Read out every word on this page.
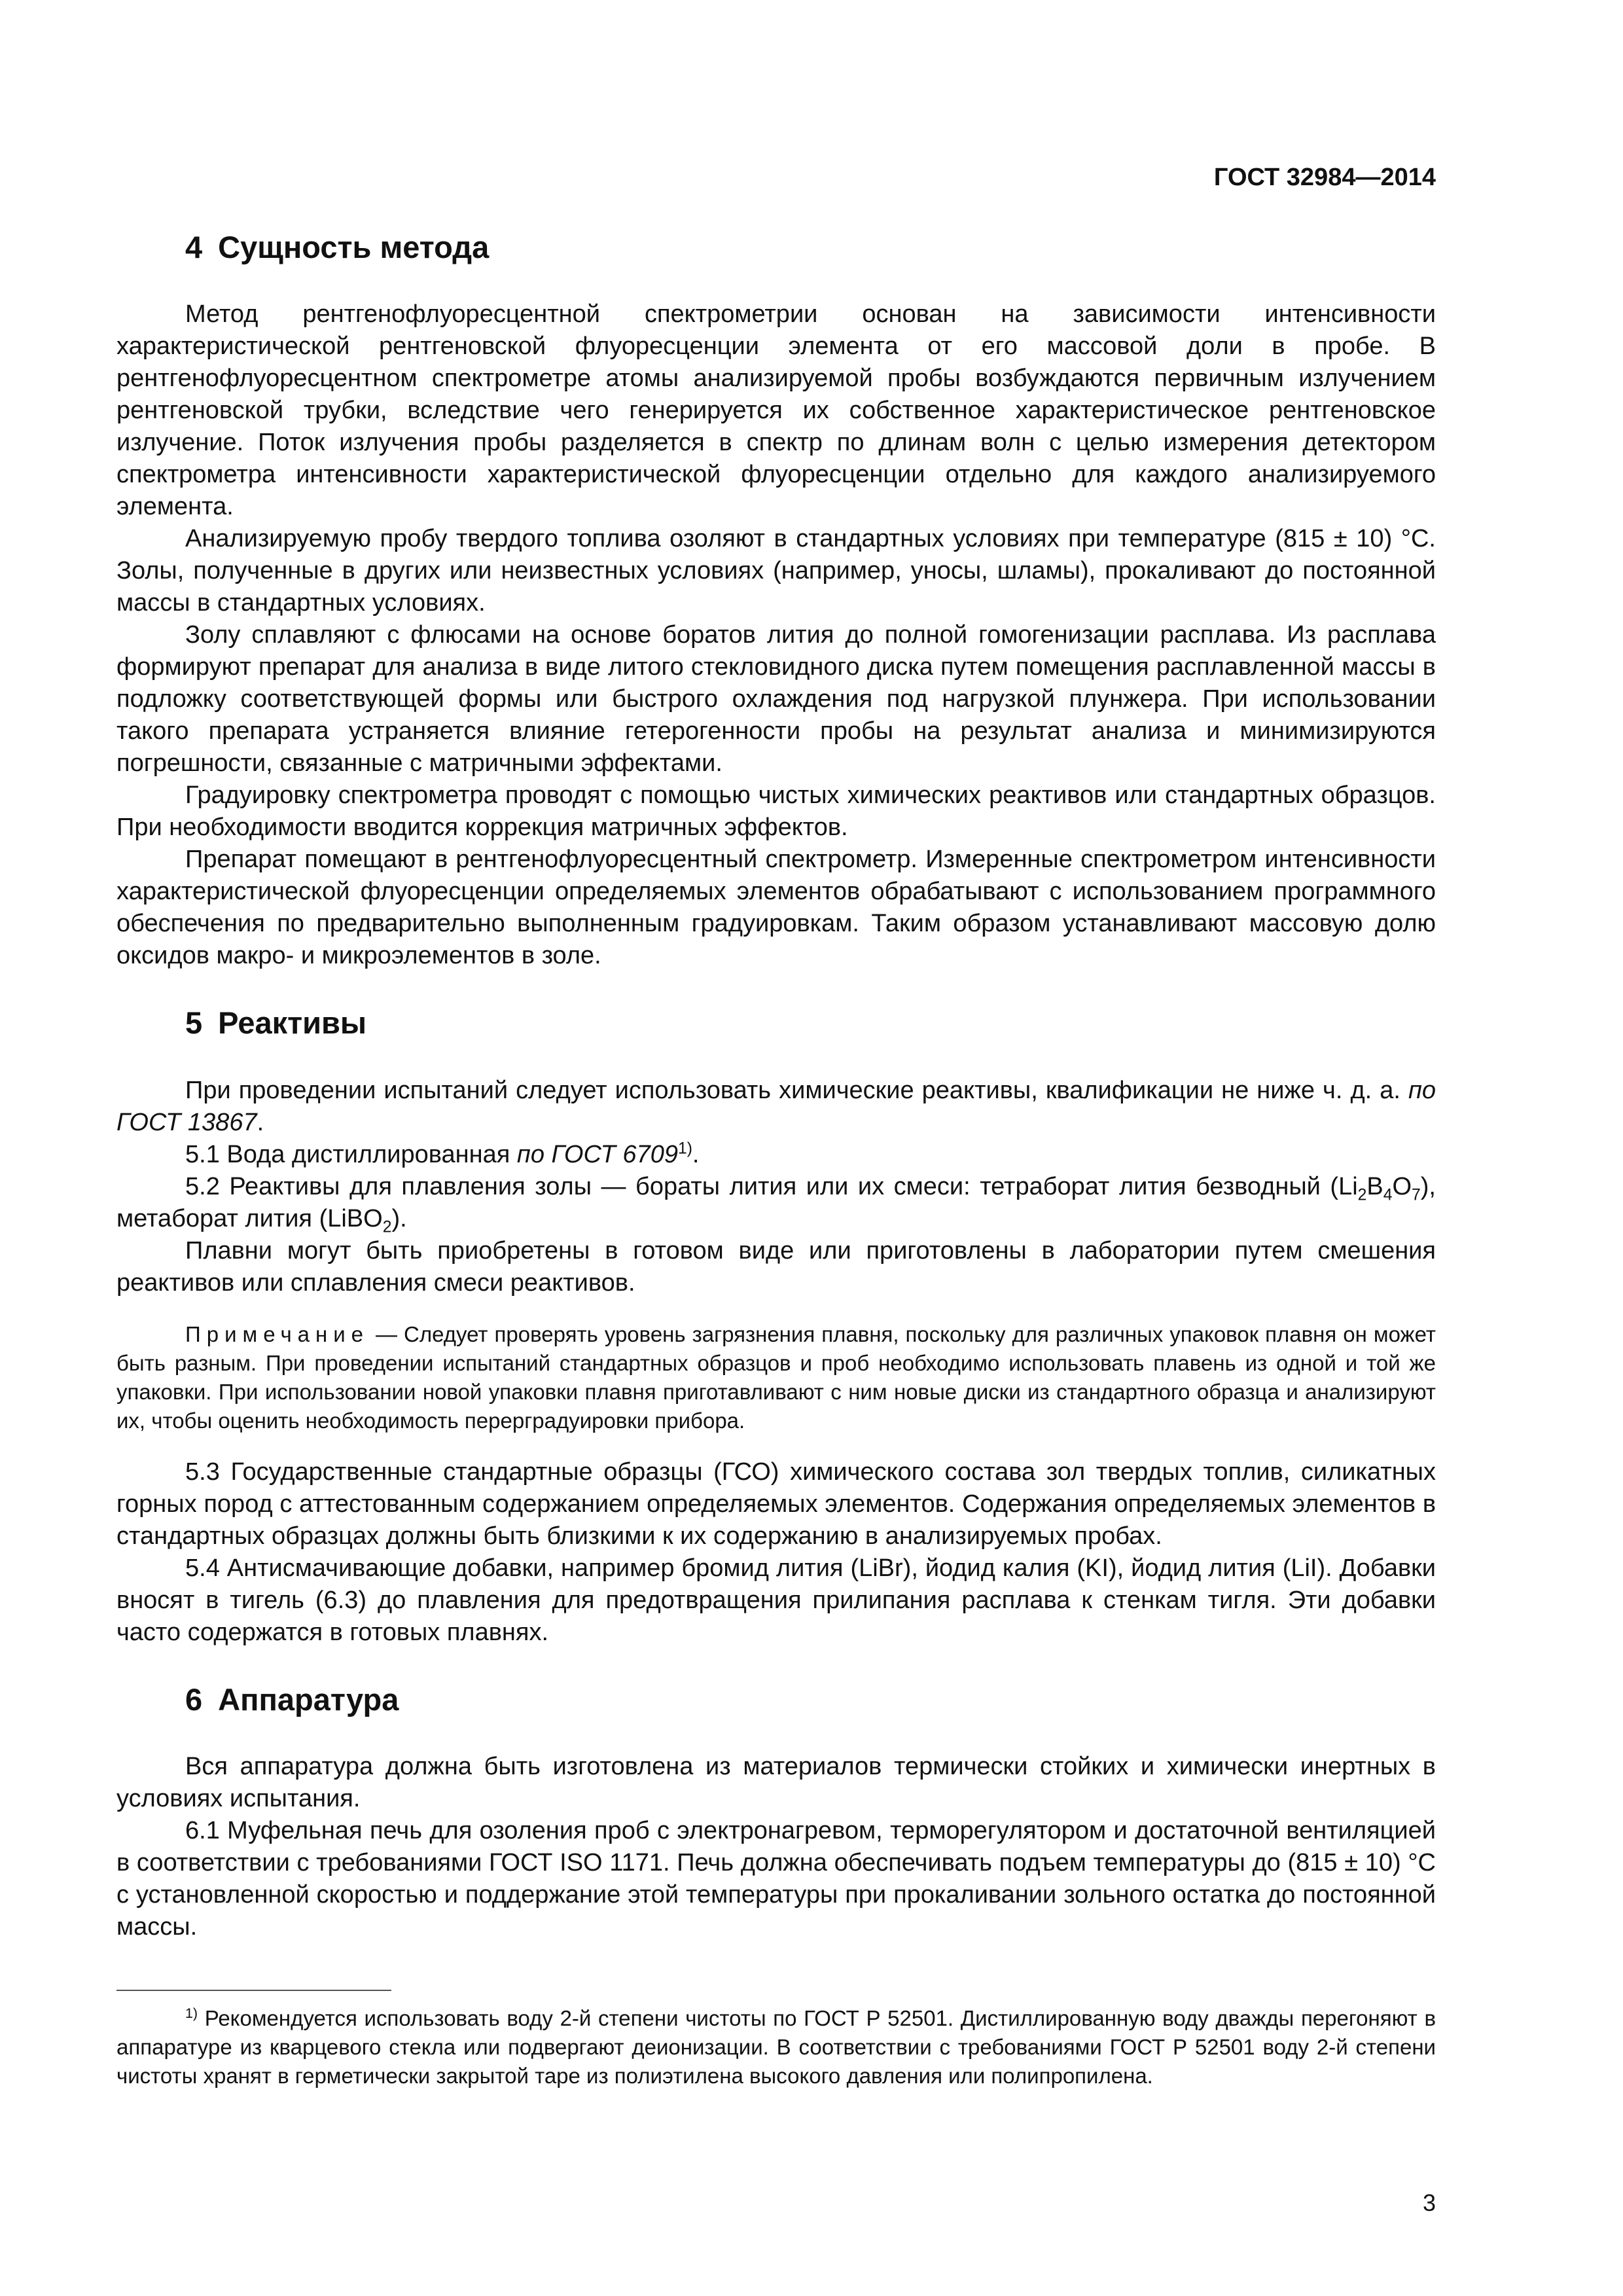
ГОСТ 32984—2014
4 Сущность метода

Метод рентгенофлуоресцентной спектрометрии основан на зависимости интенсивности характеристической рентгеновской флуоресценции элемента от его массовой доли в пробе. В рентгенофлуоресцентном спектрометре атомы анализируемой пробы возбуждаются первичным излучением рентгеновской трубки, вследствие чего генерируется их собственное характеристическое рентгеновское излучение. Поток излучения пробы разделяется в спектр по длинам волн с целью измерения детектором спектрометра интенсивности характеристической флуоресценции отдельно для каждого анализируемого элемента.

Анализируемую пробу твердого топлива озоляют в стандартных условиях при температуре (815 ± 10) °С. Золы, полученные в других или неизвестных условиях (например, уносы, шламы), прокаливают до постоянной массы в стандартных условиях.

Золу сплавляют с флюсами на основе боратов лития до полной гомогенизации расплава. Из расплава формируют препарат для анализа в виде литого стекловидного диска путем помещения расплавленной массы в подложку соответствующей формы или быстрого охлаждения под нагрузкой плунжера. При использовании такого препарата устраняется влияние гетерогенности пробы на результат анализа и минимизируются погрешности, связанные с матричными эффектами.

Градуировку спектрометра проводят с помощью чистых химических реактивов или стандартных образцов. При необходимости вводится коррекция матричных эффектов.

Препарат помещают в рентгенофлуоресцентный спектрометр. Измеренные спектрометром интенсивности характеристической флуоресценции определяемых элементов обрабатывают с использованием программного обеспечения по предварительно выполненным градуировкам. Таким образом устанавливают массовую долю оксидов макро- и микроэлементов в золе.

5 Реактивы

При проведении испытаний следует использовать химические реактивы, квалификации не ниже ч. д. а. по ГОСТ 13867.

5.1 Вода дистиллированная по ГОСТ 6709$^{1)}$.

5.2 Реактивы для плавления золы — бораты лития или их смеси: тетраборат лития безводный $(Li_2B_4O_7)$, метаборат лития (LiBO$_2$).

Плавни могут быть приобретены в готовом виде или приготовлены в лаборатории путем смешения реактивов или сплавления смеси реактивов.

Примечание — Следует проверять уровень загрязнения плавня, поскольку для различных упаковок плавня он может быть разным. При проведении испытаний стандартных образцов и проб необходимо использовать плавень из одной и той же упаковки. При использовании новой упаковки плавня приготавливают с ним новые диски из стандартного образца и анализируют их, чтобы оценить необходимость перерградуировки прибора.

5.3 Государственные стандартные образцы (ГСО) химического состава зол твердых топлив, силикатных горных пород с аттестованным содержанием определяемых элементов. Содержания определяемых элементов в стандартных образцах должны быть близкими к их содержанию в анализируемых пробах.

5.4 Антисмачивающие добавки, например бромид лития (LiBr), йодид калия (KI), йодид лития (LiI). Добавки вносят в тигель (6.3) до плавления для предотвращения прилипания расплава к стенкам тигля. Эти добавки часто содержатся в готовых плавнях.

6 Аппаратура

Вся аппаратура должна быть изготовлена из материалов термически стойких и химически инертных в условиях испытания.

6.1 Муфельная печь для озоления проб с электронагревом, терморегулятором и достаточной вентиляцией в соответствии с требованиями ГОСТ ISO 1171. Печь должна обеспечивать подъем температуры до (815 ± 10) °С с установленной скоростью и поддержание этой температуры при прокаливании зольного остатка до постоянной массы.

$^{1)}$ Рекомендуется использовать воду 2-й степени чистоты по ГОСТ Р 52501. Дистиллированную воду дважды перегоняют в аппаратуре из кварцевого стекла или подвергают деионизации. В соответствии с требованиями ГОСТ Р 52501 воду 2-й степени чистоты хранят в герметически закрытой таре из полиэтилена высокого давления или полипропилена.
3
